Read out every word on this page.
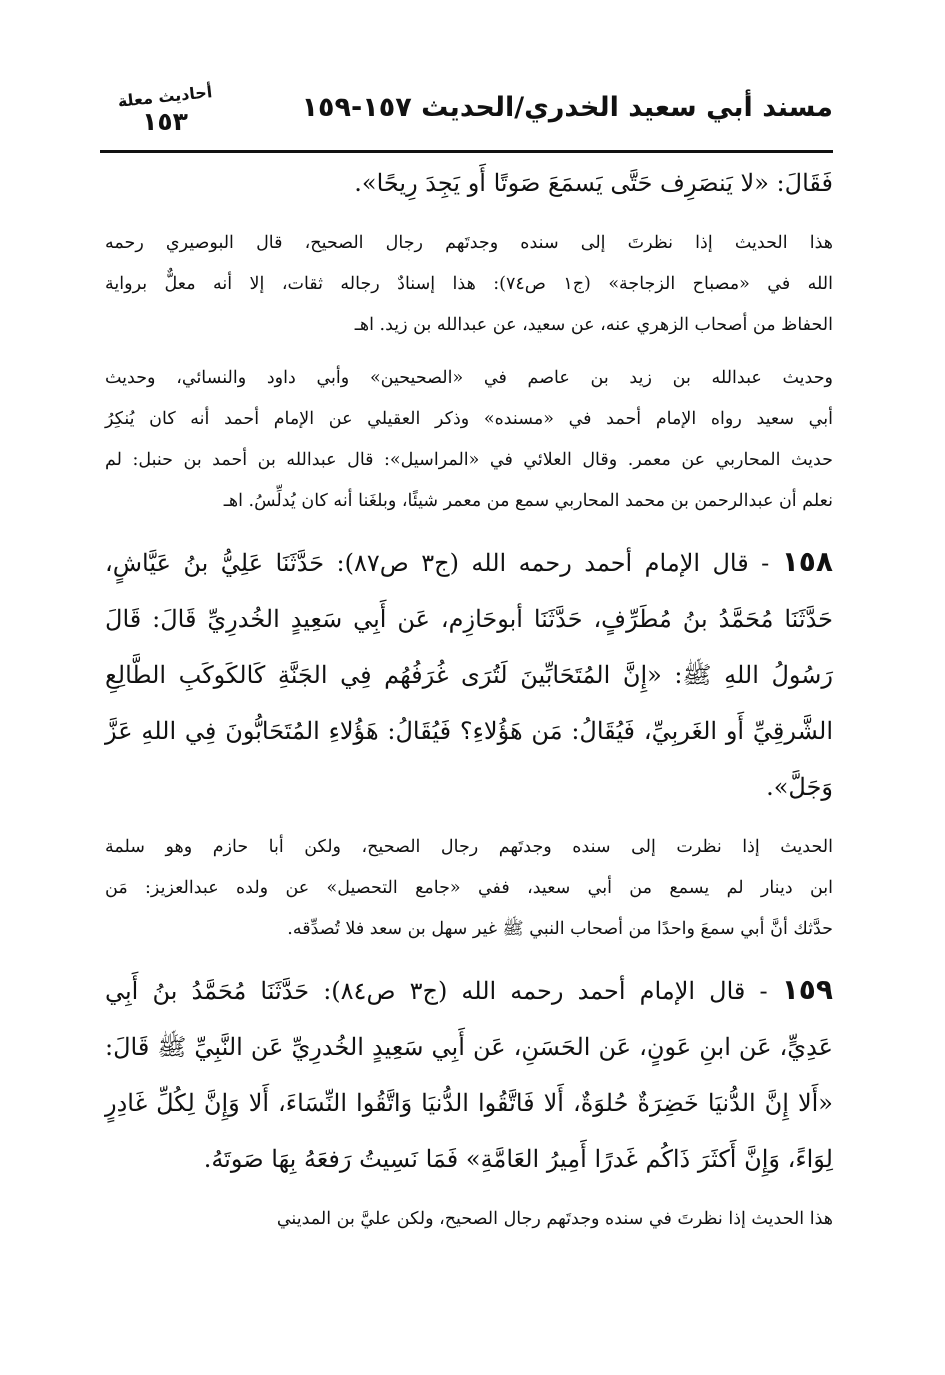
مسند أبي سعيد الخدري/الحديث ١٥٧-١٥٩
أحاديث معلة
١٥٣
فَقَالَ: «لا يَنصَرِف حَتَّى يَسمَعَ صَوتًا أَو يَجِدَ رِيحًا».
هذا الحديث إذا نظرتَ إلى سنده وجدتَهم رجال الصحيح، قال البوصيري رحمه
الله في «مصباح الزجاجة» (ج١ ص٧٤): هذا إسنادٌ رجاله ثقات، إلا أنه معلٌّ برواية
الحفاظ من أصحاب الزهري عنه، عن سعيد، عن عبدالله بن زيد. اهـ
وحديث عبدالله بن زيد بن عاصم في «الصحيحين» وأبي داود والنسائي، وحديث
أبي سعيد رواه الإمام أحمد في «مسنده» وذكر العقيلي عن الإمام أحمد أنه كان يُنكِرُ
حديث المحاربي عن معمر. وقال العلائي في «المراسيل»: قال عبدالله بن أحمد بن حنبل: لم
نعلم أن عبدالرحمن بن محمد المحاربي سمع من معمر شيئًا، وبلغَنا أنه كان يُدلِّسُ. اهـ
١٥٨ - قال الإمام أحمد رحمه الله (ج٣ ص٨٧): حَدَّثَنَا عَلِيُّ بنُ عَيَّاشٍ،
حَدَّثَنَا مُحَمَّدُ بنُ مُطَرِّفٍ، حَدَّثَنَا أبوحَازِم، عَن أَبِي سَعِيدٍ الخُدرِيِّ قَالَ: قَالَ
رَسُولُ اللهِ ﷺ: «إِنَّ المُتَحَابِّينَ لَتُرَى غُرَفُهُم فِي الجَنَّةِ كَالكَوكَبِ الطَّالِعِ
الشَّرقِيِّ أَو الغَربِيِّ، فَيُقَالُ: مَن هَؤُلاءِ؟ فَيُقَالُ: هَؤُلاءِ المُتَحَابُّونَ فِي اللهِ عَزَّ
وَجَلَّ».
الحديث إذا نظرت إلى سنده وجدتَهم رجال الصحيح، ولكن أبا حازم وهو سلمة
ابن دينار لم يسمع من أبي سعيد، ففي «جامع التحصيل» عن ولده عبدالعزيز: مَن
حدَّثك أنَّ أبي سمعَ واحدًا من أصحاب النبي ﷺ غير سهل بن سعد فلا تُصدِّقه.
١٥٩ - قال الإمام أحمد رحمه الله (ج٣ ص٨٤): حَدَّثَنَا مُحَمَّدُ بنُ أَبِي
عَدِيٍّ، عَن ابنِ عَونٍ، عَن الحَسَنِ، عَن أَبِي سَعِيدٍ الخُدرِيِّ عَن النَّبِيِّ ﷺ قَالَ:
«أَلا إِنَّ الدُّنيَا خَضِرَةٌ حُلوَةٌ، أَلا فَاتَّقُوا الدُّنيَا وَاتَّقُوا النِّسَاءَ، أَلا وَإِنَّ لِكُلِّ غَادِرٍ
لِوَاءً، وَإِنَّ أَكثَرَ ذَاكُم غَدرًا أَمِيرُ العَامَّةِ» فَمَا نَسِيتُ رَفعَهُ بِهَا صَوتَهُ.
هذا الحديث إذا نظرتَ في سنده وجدتَهم رجال الصحيح، ولكن عليَّ بن المديني
